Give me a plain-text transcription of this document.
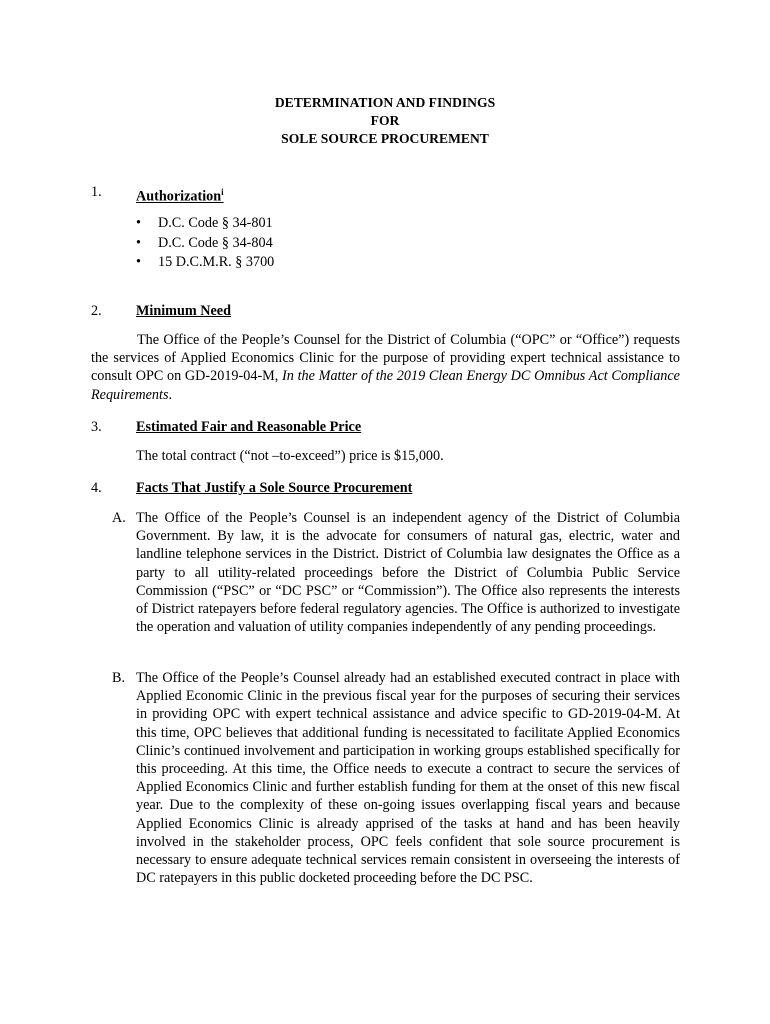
DETERMINATION AND FINDINGS
FOR
SOLE SOURCE PROCUREMENT
1. Authorization$^i$
• D.C. Code § 34-801
• D.C. Code § 34-804
• 15 D.C.M.R. § 3700
2. Minimum Need
The Office of the People’s Counsel for the District of Columbia (“OPC” or “Office”) requests the services of Applied Economics Clinic for the purpose of providing expert technical assistance to consult OPC on GD-2019-04-M, In the Matter of the 2019 Clean Energy DC Omnibus Act Compliance Requirements.
3. Estimated Fair and Reasonable Price
The total contract (“not –to-exceed”) price is $15,000.
4. Facts That Justify a Sole Source Procurement
A. The Office of the People’s Counsel is an independent agency of the District of Columbia Government. By law, it is the advocate for consumers of natural gas, electric, water and landline telephone services in the District. District of Columbia law designates the Office as a party to all utility-related proceedings before the District of Columbia Public Service Commission (“PSC” or “DC PSC” or “Commission”). The Office also represents the interests of District ratepayers before federal regulatory agencies. The Office is authorized to investigate the operation and valuation of utility companies independently of any pending proceedings.
B. The Office of the People’s Counsel already had an established executed contract in place with Applied Economic Clinic in the previous fiscal year for the purposes of securing their services in providing OPC with expert technical assistance and advice specific to GD-2019-04-M. At this time, OPC believes that additional funding is necessitated to facilitate Applied Economics Clinic’s continued involvement and participation in working groups established specifically for this proceeding. At this time, the Office needs to execute a contract to secure the services of Applied Economics Clinic and further establish funding for them at the onset of this new fiscal year. Due to the complexity of these on-going issues overlapping fiscal years and because Applied Economics Clinic is already apprised of the tasks at hand and has been heavily involved in the stakeholder process, OPC feels confident that sole source procurement is necessary to ensure adequate technical services remain consistent in overseeing the interests of DC ratepayers in this public docketed proceeding before the DC PSC.
